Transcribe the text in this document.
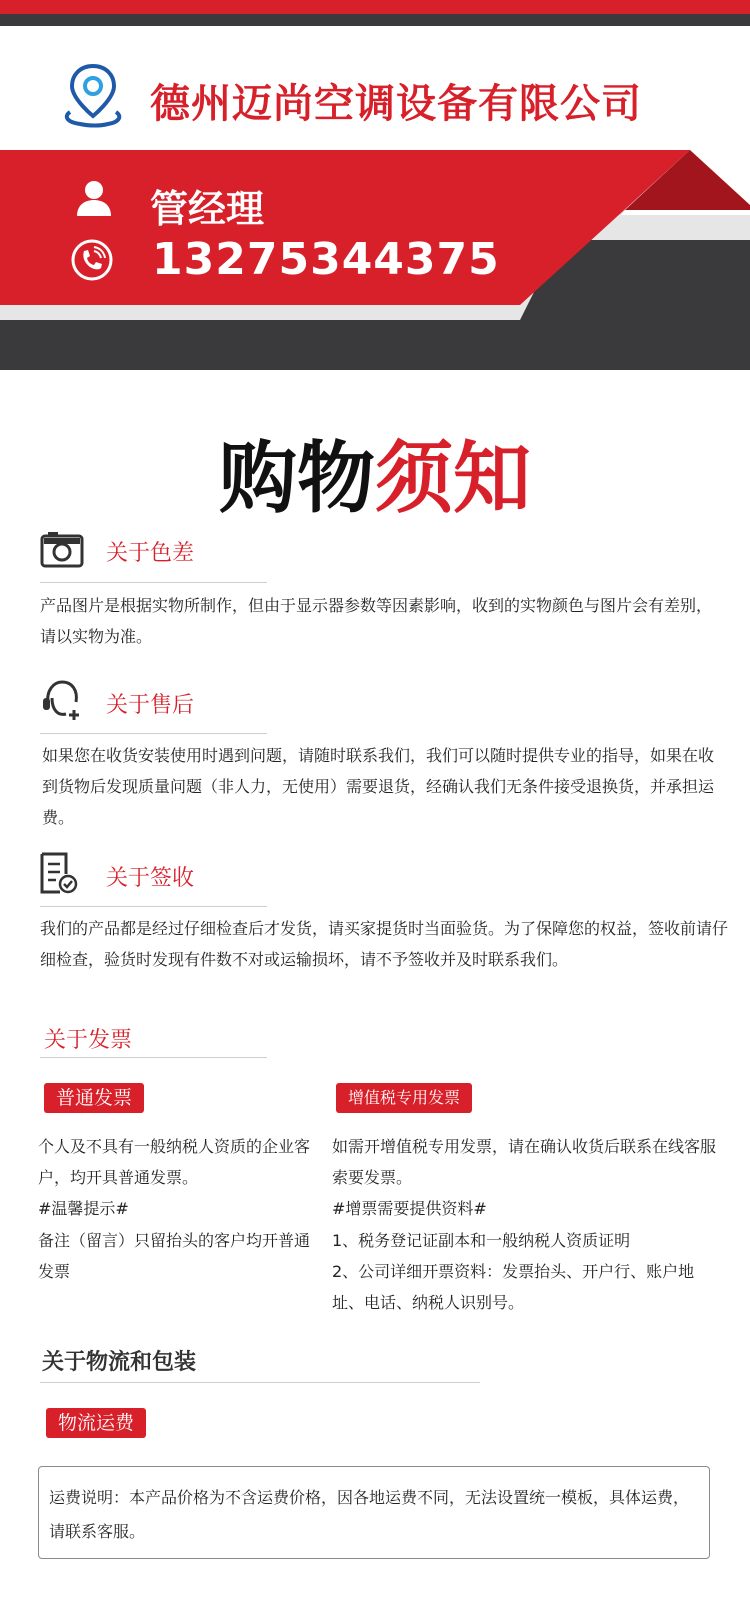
德州迈尚空调设备有限公司
管经理
13275344375
购物须知
关于色差
产品图片是根据实物所制作，但由于显示器参数等因素影响，收到的实物颜色与图片会有差别，请以实物为准。
关于售后
如果您在收货安装使用时遇到问题，请随时联系我们，我们可以随时提供专业的指导，如果在收到货物后发现质量问题（非人力，无使用）需要退货，经确认我们无条件接受退换货，并承担运费。
关于签收
我们的产品都是经过仔细检查后才发货，请买家提货时当面验货。为了保障您的权益，签收前请仔细检查，验货时发现有件数不对或运输损坏，请不予签收并及时联系我们。
关于发票
普通发票
个人及不具有一般纳税人资质的企业客户，均开具普通发票。
#温馨提示#
备注（留言）只留抬头的客户均开普通发票
增值税专用发票
如需开增值税专用发票，请在确认收货后联系在线客服索要发票。
#增票需要提供资料#
1、税务登记证副本和一般纳税人资质证明
2、公司详细开票资料：发票抬头、开户行、账户地址、电话、纳税人识别号。
关于物流和包装
物流运费
运费说明：本产品价格为不含运费价格，因各地运费不同，无法设置统一模板，具体运费，请联系客服。
